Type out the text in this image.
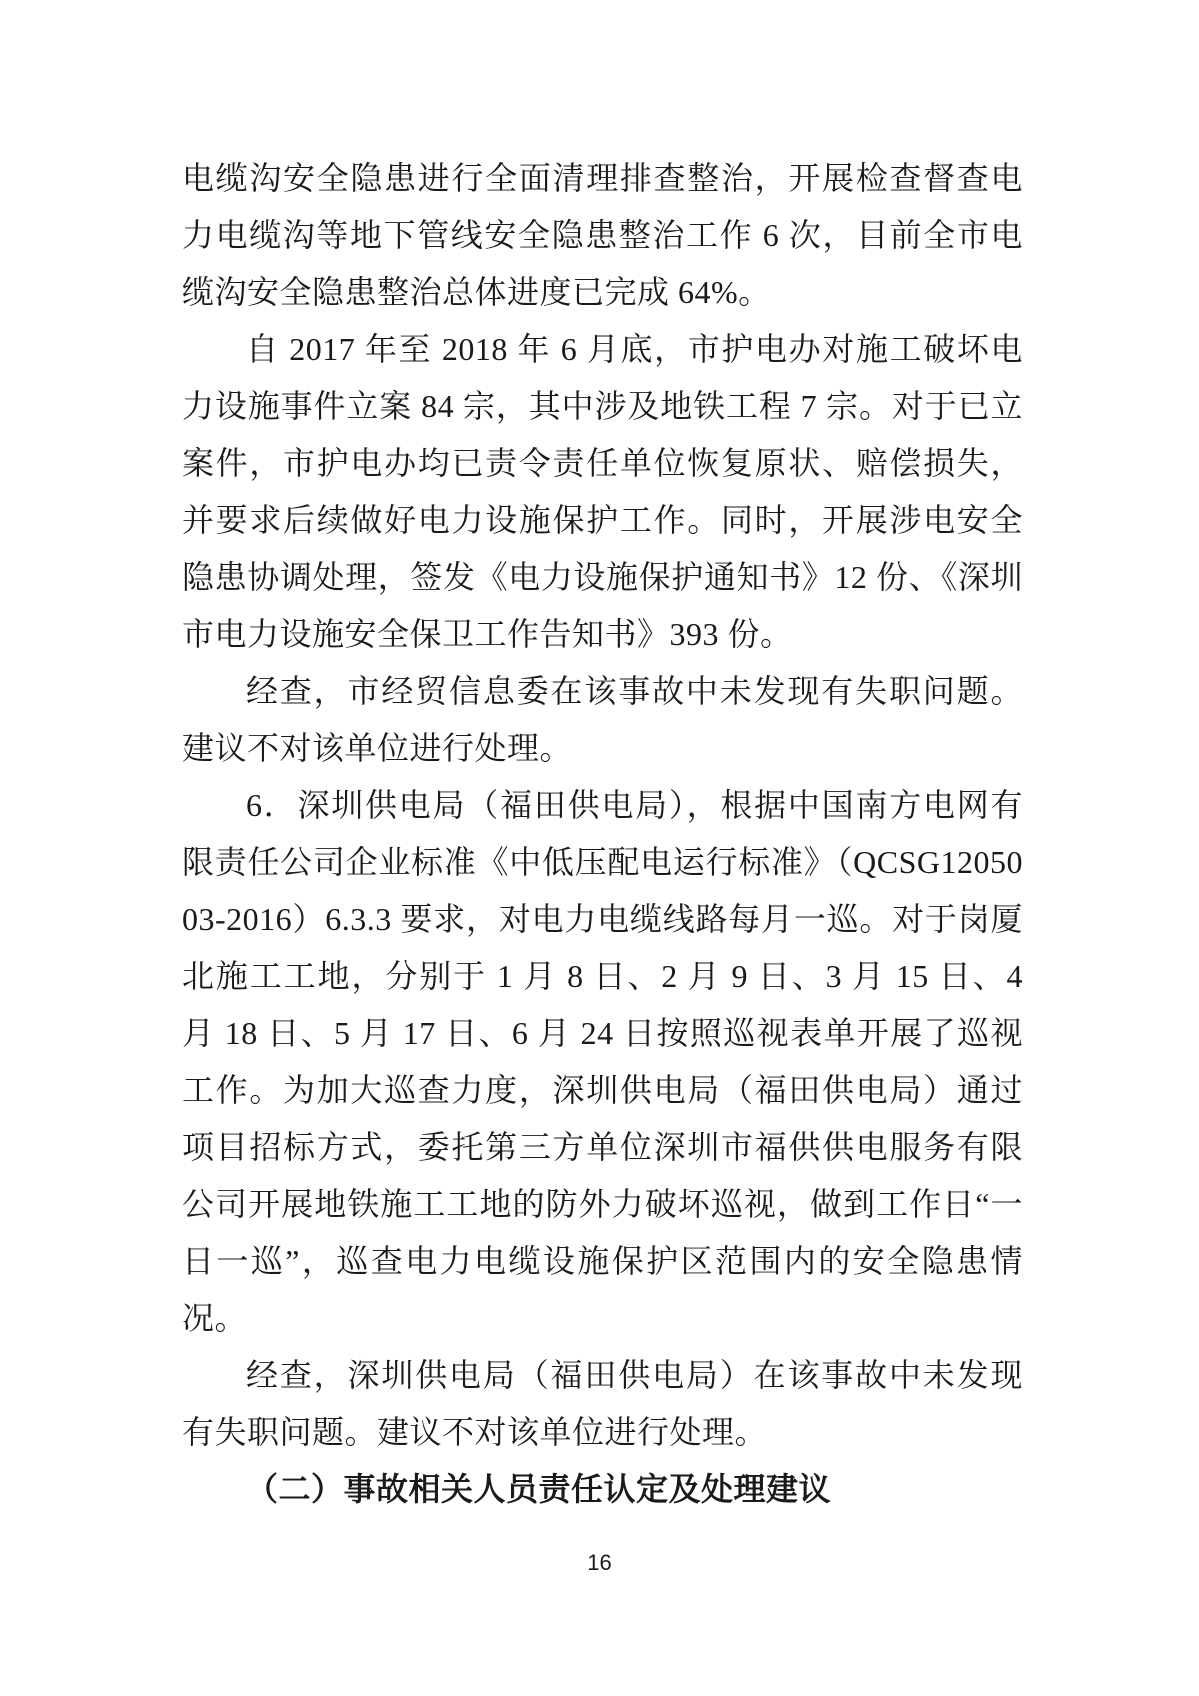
电缆沟安全隐患进行全面清理排查整治，开展检查督查电力电缆沟等地下管线安全隐患整治工作 6 次，目前全市电缆沟安全隐患整治总体进度已完成 64%。

自 2017 年至 2018 年 6 月底，市护电办对施工破坏电力设施事件立案 84 宗，其中涉及地铁工程 7 宗。对于已立案件，市护电办均已责令责任单位恢复原状、赔偿损失，并要求后续做好电力设施保护工作。同时，开展涉电安全隐患协调处理，签发《电力设施保护通知书》12 份、《深圳市电力设施安全保卫工作告知书》393 份。

经查，市经贸信息委在该事故中未发现有失职问题。建议不对该单位进行处理。

6．深圳供电局（福田供电局），根据中国南方电网有限责任公司企业标准《中低压配电运行标准》（QCSG1205003-2016）6.3.3 要求，对电力电缆线路每月一巡。对于岗厦北施工工地，分别于 1 月 8 日、2 月 9 日、3 月 15 日、4 月 18 日、5 月 17 日、6 月 24 日按照巡视表单开展了巡视工作。为加大巡查力度，深圳供电局（福田供电局）通过项目招标方式，委托第三方单位深圳市福供供电服务有限公司开展地铁施工工地的防外力破坏巡视，做到工作日“一日一巡”，巡查电力电缆设施保护区范围内的安全隐患情况。

经查，深圳供电局（福田供电局）在该事故中未发现有失职问题。建议不对该单位进行处理。

（二）事故相关人员责任认定及处理建议

16
